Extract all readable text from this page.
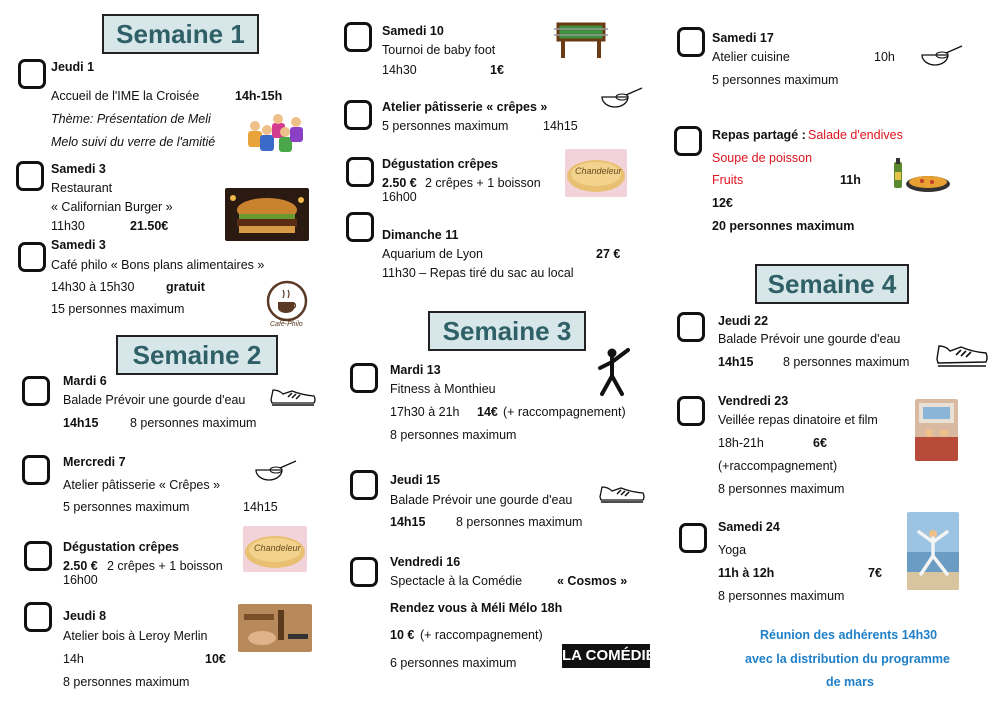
Semaine 1
Jeudi 1
Accueil de l'IME la Croisée	14h-15h
Thème: Présentation de Meli
Melo suivi du verre de l'amitié
Samedi 3
Restaurant
« Californian Burger »
11h30	21.50€
Samedi 3
Café philo « Bons plans alimentaires »
14h30 à 15h30	gratuit
15 personnes maximum
Café-Philo
Semaine 2
Mardi 6
Balade Prévoir une gourde d'eau
14h15	8 personnes maximum
Mercredi 7
Atelier pâtisserie « Crêpes »
5 personnes maximum	14h15
Dégustation crêpes
2.50 € 2 crêpes + 1 boisson
16h00
Chandeleur
Jeudi 8
Atelier bois à Leroy Merlin
14h	10€
8 personnes maximum
Samedi 10
Tournoi de baby foot
14h30	1€
Atelier pâtisserie « crêpes »
5 personnes maximum	14h15
Dégustation crêpes
2.50 € 2 crêpes + 1 boisson
16h00
Chandeleur
Dimanche 11
Aquarium de Lyon	27 €
11h30 – Repas tiré du sac au local
Semaine 3
Mardi 13
Fitness à Monthieu
17h30 à 21h 14€ (+ raccompagnement)
8 personnes maximum
Jeudi 15
Balade Prévoir une gourde d'eau
14h15 8 personnes maximum
Vendredi 16
Spectacle à la Comédie	« Cosmos »
Rendez vous à Méli Mélo 18h
10 € (+ raccompagnement)
6 personnes maximum	LA COMÉDIE
Samedi 17
Atelier cuisine	10h
5 personnes maximum
Repas partagé : Salade d'endives
Soupe de poisson
Fruits	11h
12€
20 personnes maximum
Semaine 4
Jeudi 22
Balade Prévoir une gourde d'eau
14h15 8 personnes maximum
Vendredi 23
Veillée repas dinatoire et film
18h-21h	6€
(+raccompagnement)
8 personnes maximum
Samedi 24
Yoga
11h à 12h	7€
8 personnes maximum
Réunion des adhérents 14h30
avec la distribution du programme
de mars
